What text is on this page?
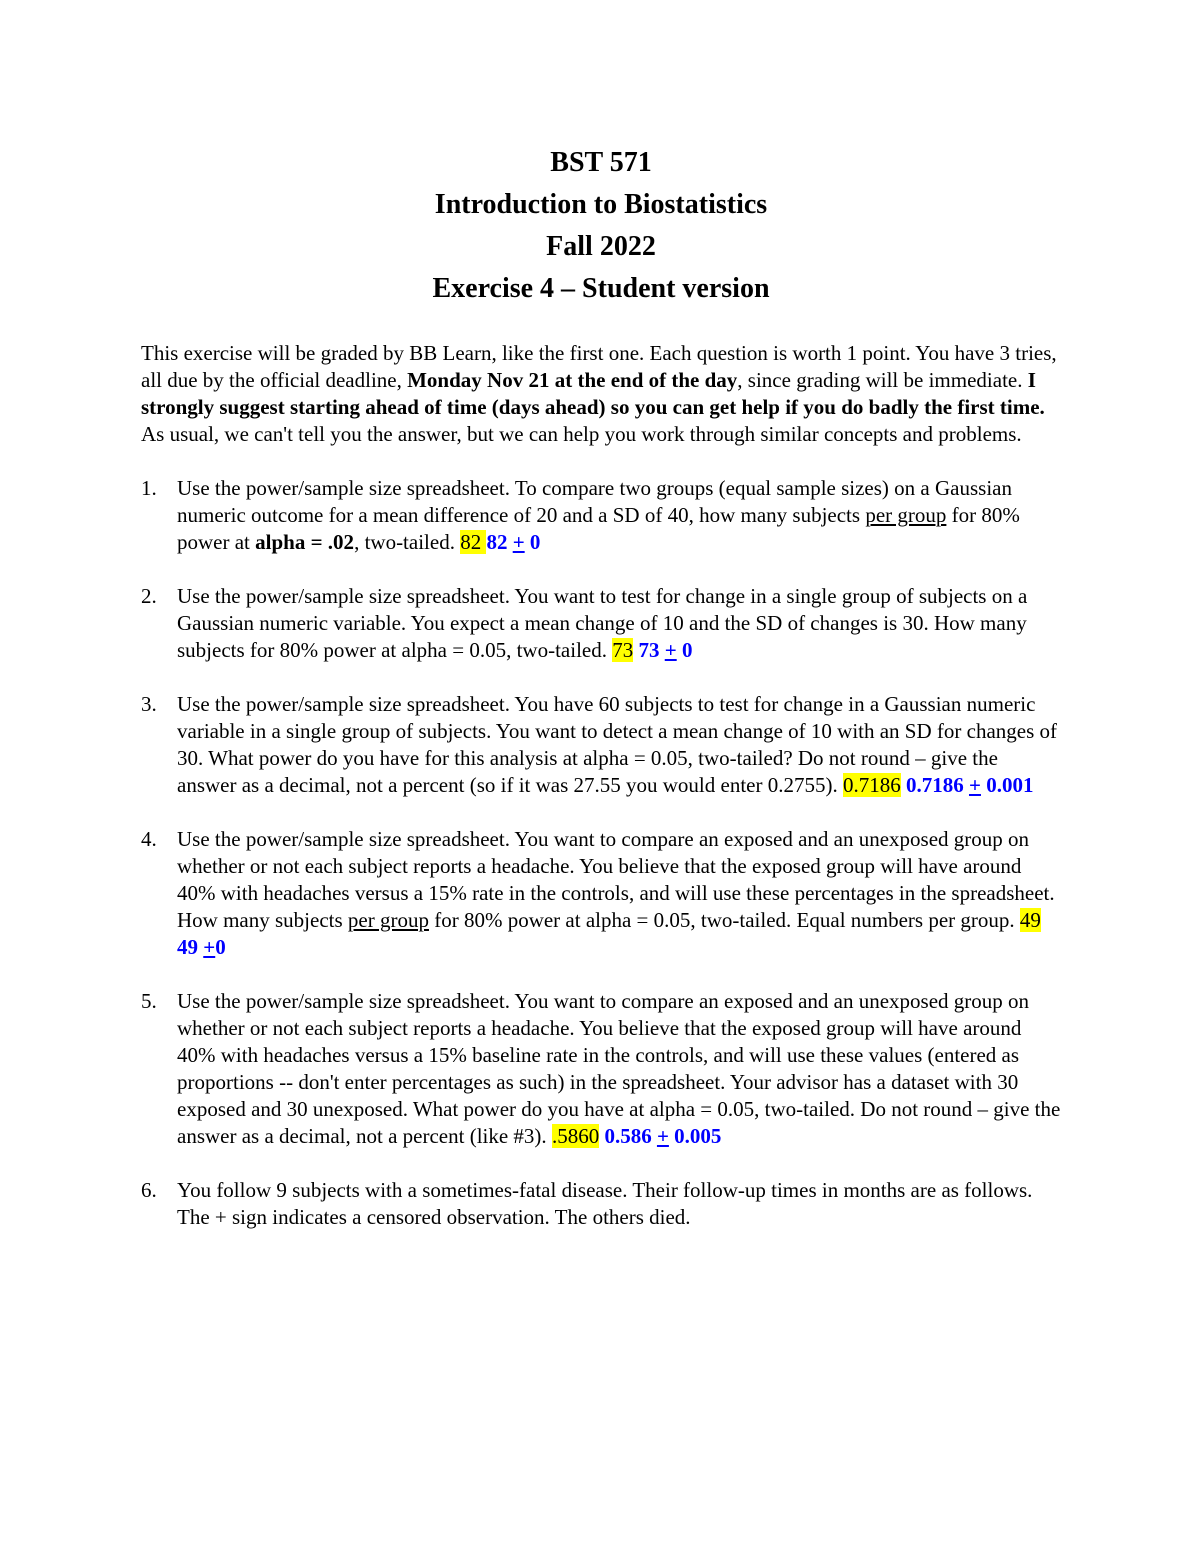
BST 571
Introduction to Biostatistics
Fall 2022
Exercise 4 – Student version

This exercise will be graded by BB Learn, like the first one. Each question is worth 1 point. You have 3 tries, all due by the official deadline, Monday Nov 21 at the end of the day, since grading will be immediate. I strongly suggest starting ahead of time (days ahead) so you can get help if you do badly the first time. As usual, we can't tell you the answer, but we can help you work through similar concepts and problems.

1. Use the power/sample size spreadsheet. To compare two groups (equal sample sizes) on a Gaussian numeric outcome for a mean difference of 20 and a SD of 40, how many subjects per group for 80% power at alpha = .02, two-tailed. 82 82 + 0
2. Use the power/sample size spreadsheet. You want to test for change in a single group of subjects on a Gaussian numeric variable. You expect a mean change of 10 and the SD of changes is 30. How many subjects for 80% power at alpha = 0.05, two-tailed. 73 73 + 0
3. Use the power/sample size spreadsheet. You have 60 subjects to test for change in a Gaussian numeric variable in a single group of subjects. You want to detect a mean change of 10 with an SD for changes of 30. What power do you have for this analysis at alpha = 0.05, two-tailed? Do not round – give the answer as a decimal, not a percent (so if it was 27.55 you would enter 0.2755). 0.7186 0.7186 + 0.001
4. Use the power/sample size spreadsheet. You want to compare an exposed and an unexposed group on whether or not each subject reports a headache. You believe that the exposed group will have around 40% with headaches versus a 15% rate in the controls, and will use these percentages in the spreadsheet. How many subjects per group for 80% power at alpha = 0.05, two-tailed. Equal numbers per group. 49 49 +0
5. Use the power/sample size spreadsheet. You want to compare an exposed and an unexposed group on whether or not each subject reports a headache. You believe that the exposed group will have around 40% with headaches versus a 15% baseline rate in the controls, and will use these values (entered as proportions -- don't enter percentages as such) in the spreadsheet. Your advisor has a dataset with 30 exposed and 30 unexposed. What power do you have at alpha = 0.05, two-tailed. Do not round – give the answer as a decimal, not a percent (like #3). .5860 0.586 + 0.005
6. You follow 9 subjects with a sometimes-fatal disease. Their follow-up times in months are as follows. The + sign indicates a censored observation. The others died.
